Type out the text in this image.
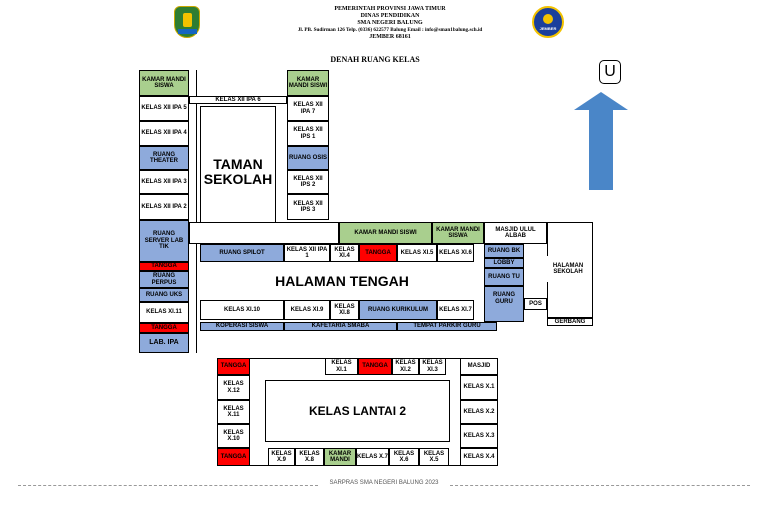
PEMERINTAH PROVINSI JAWA TIMUR
DINAS PENDIDIKAN
SMA NEGERI BALUNG
Jl. PB. Sudirman 126 Telp. (0336) 622577 Balung Email : info@sman1balung.sch.id
JEMBER 68161
JEMBER
DENAH RUANG KELAS
U
KAMAR MANDI SISWA
KELAS XII IPA 5
KELAS XII IPA 4
RUANG THEATER
KELAS XII IPA 3
KELAS XII IPA 2
RUANG SERVER LAB TIK
TANGGA
RUANG PERPUS
RUANG UKS
KELAS XI.11
TANGGA
LAB. IPA
KELAS XII IPA 6
TAMAN SEKOLAH
KAMAR MANDI SISWI
KELAS XII IPA 7
KELAS XII IPS 1
RUANG OSIS
KELAS XII IPS 2
KELAS XII IPS 3
KAMAR MANDI SISWI
KAMAR MANDI SISWA
MASJID ULUL ALBAB
RUANG SPILOT
KELAS XII IPA 1
KELAS XI.4
TANGGA	KELAS XI.5 KELAS XI.6
HALAMAN TENGAH
KELAS XI.10	KELAS XI.9
KELAS XI.8
RUANG KURIKULUM	KELAS XI.7
KOPERASI SISWA	KAFETARIA SMABA	TEMPAT PARKIR GURU
RUANG BK
LOBBY
RUANG TU
RUANG GURU	POS
HALAMAN SEKOLAH
GERBANG
TANGGA
KELAS XI.1
TANGGA
KELAS XI.2
KELAS XI.3
MASJID
KELAS X.12
KELAS X.11
KELAS X.10
TANGGA
KELAS X.1
KELAS X.2
KELAS X.3
KELAS X.4
KELAS X.9
KELAS X.8
KAMAR MANDI
KELAS X.7
KELAS X.6
KELAS X.5
KELAS LANTAI 2
SARPRAS SMA NEGERI BALUNG 2023
